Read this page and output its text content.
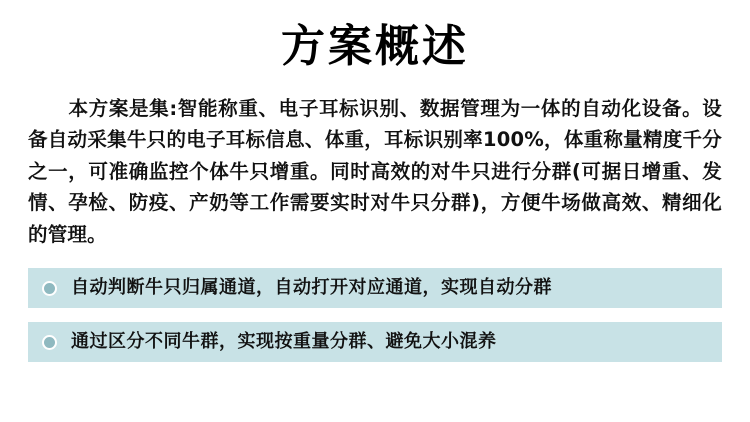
方案概述
本方案是集:智能称重、电子耳标识别、数据管理为一体的自动化设备。设备自动采集牛只的电子耳标信息、体重，耳标识别率100%，体重称量精度千分之一，可准确监控个体牛只增重。同时高效的对牛只进行分群(可据日增重、发情、孕检、防疫、产奶等工作需要实时对牛只分群)，方便牛场做高效、精细化的管理。
自动判断牛只归属通道，自动打开对应通道，实现自动分群
通过区分不同牛群，实现按重量分群、避免大小混养
